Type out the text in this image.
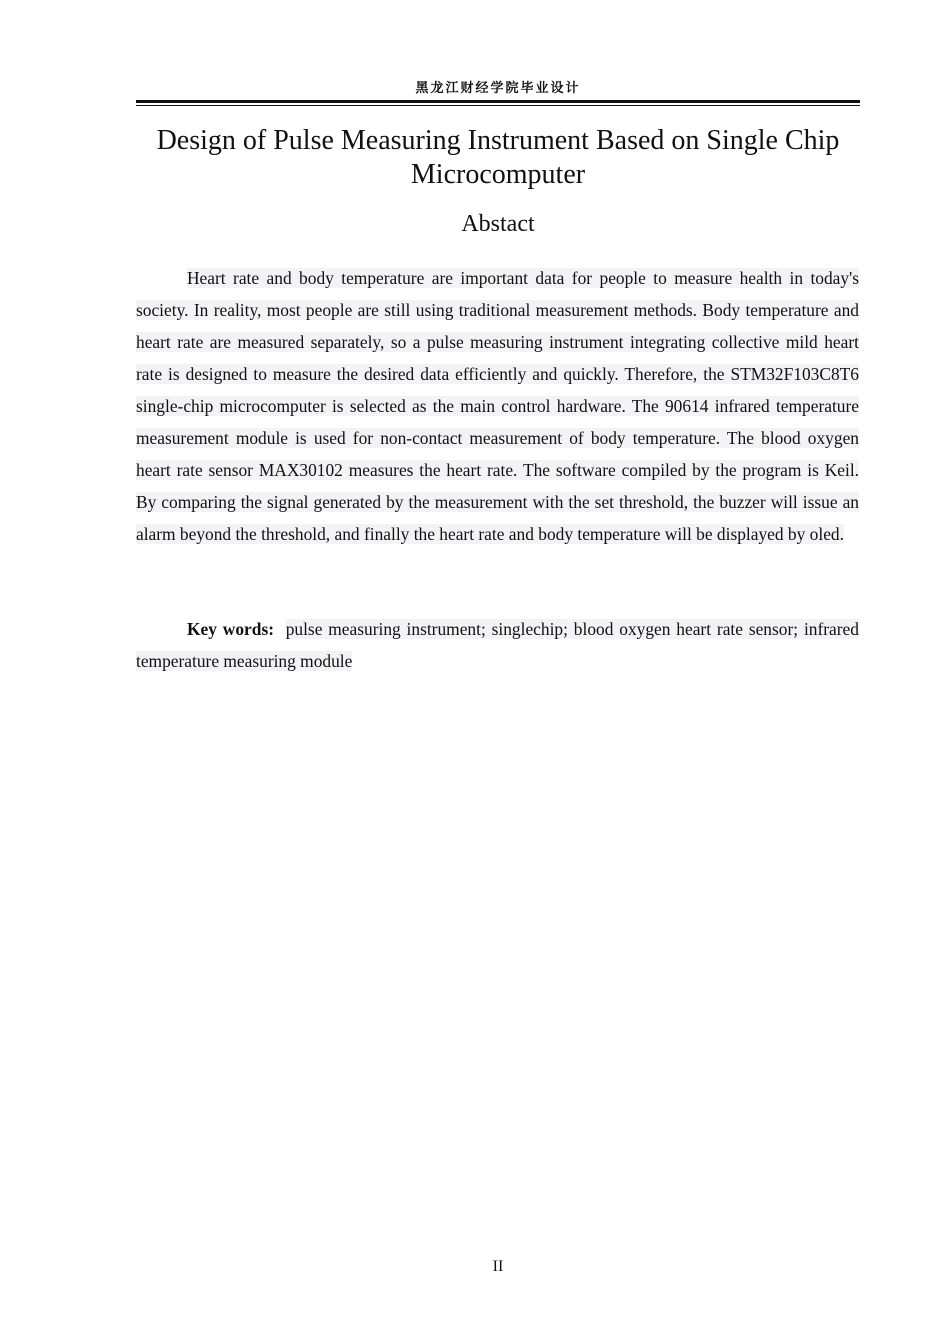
黑龙江财经学院毕业设计
Design of Pulse Measuring Instrument Based on Single Chip Microcomputer
Abstact

Heart rate and body temperature are important data for people to measure health in today's society. In reality, most people are still using traditional measurement methods. Body temperature and heart rate are measured separately, so a pulse measuring instrument integrating collective mild heart rate is designed to measure the desired data efficiently and quickly. Therefore, the STM32F103C8T6 single-chip microcomputer is selected as the main control hardware. The 90614 infrared temperature measurement module is used for non-contact measurement of body temperature. The blood oxygen heart rate sensor MAX30102 measures the heart rate. The software compiled by the program is Keil. By comparing the signal generated by the measurement with the set threshold, the buzzer will issue an alarm beyond the threshold, and finally the heart rate and body temperature will be displayed by oled.

Key words: pulse measuring instrument; singlechip; blood oxygen heart rate sensor; infrared temperature measuring module

II
